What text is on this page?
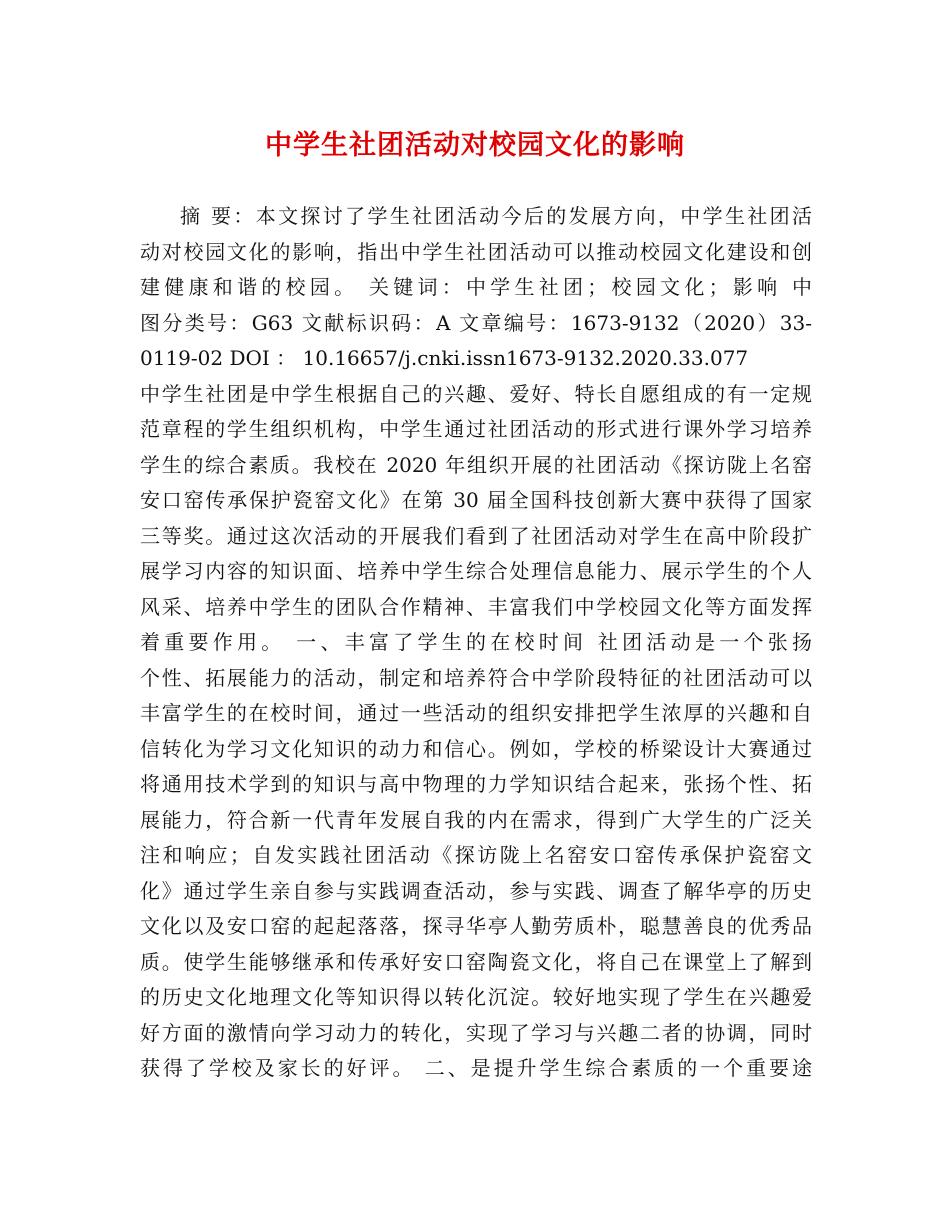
中学生社团活动对校园文化的影响
摘 要：本文探讨了学生社团活动今后的发展方向，中学生社团活
动对校园文化的影响，指出中学生社团活动可以推动校园文化建设和创
建健康和谐的校园。 关键词：中学生社团；校园文化；影响 中
图分类号：G63 文献标识码：A 文章编号：1673-9132（2020）33-
0119-02 DOI ： 10.16657/j.cnki.issn1673-9132.2020.33.077
中学生社团是中学生根据自己的兴趣、爱好、特长自愿组成的有一定规
范章程的学生组织机构，中学生通过社团活动的形式进行课外学习培养
学生的综合素质。我校在 2020 年组织开展的社团活动《探访陇上名窑
安口窑传承保护瓷窑文化》在第 30 届全国科技创新大赛中获得了国家
三等奖。通过这次活动的开展我们看到了社团活动对学生在高中阶段扩
展学习内容的知识面、培养中学生综合处理信息能力、展示学生的个人
风采、培养中学生的团队合作精神、丰富我们中学校园文化等方面发挥
着重要作用。 一、丰富了学生的在校时间 社团活动是一个张扬
个性、拓展能力的活动，制定和培养符合中学阶段特征的社团活动可以
丰富学生的在校时间，通过一些活动的组织安排把学生浓厚的兴趣和自
信转化为学习文化知识的动力和信心。例如，学校的桥梁设计大赛通过
将通用技术学到的知识与高中物理的力学知识结合起来，张扬个性、拓
展能力，符合新一代青年发展自我的内在需求，得到广大学生的广泛关
注和响应；自发实践社团活动《探访陇上名窑安口窑传承保护瓷窑文
化》通过学生亲自参与实践调查活动，参与实践、调查了解华亭的历史
文化以及安口窑的起起落落，探寻华亭人勤劳质朴，聪慧善良的优秀品
质。使学生能够继承和传承好安口窑陶瓷文化，将自己在课堂上了解到
的历史文化地理文化等知识得以转化沉淀。较好地实现了学生在兴趣爱
好方面的激情向学习动力的转化，实现了学习与兴趣二者的协调，同时
获得了学校及家长的好评。 二、是提升学生综合素质的一个重要途
